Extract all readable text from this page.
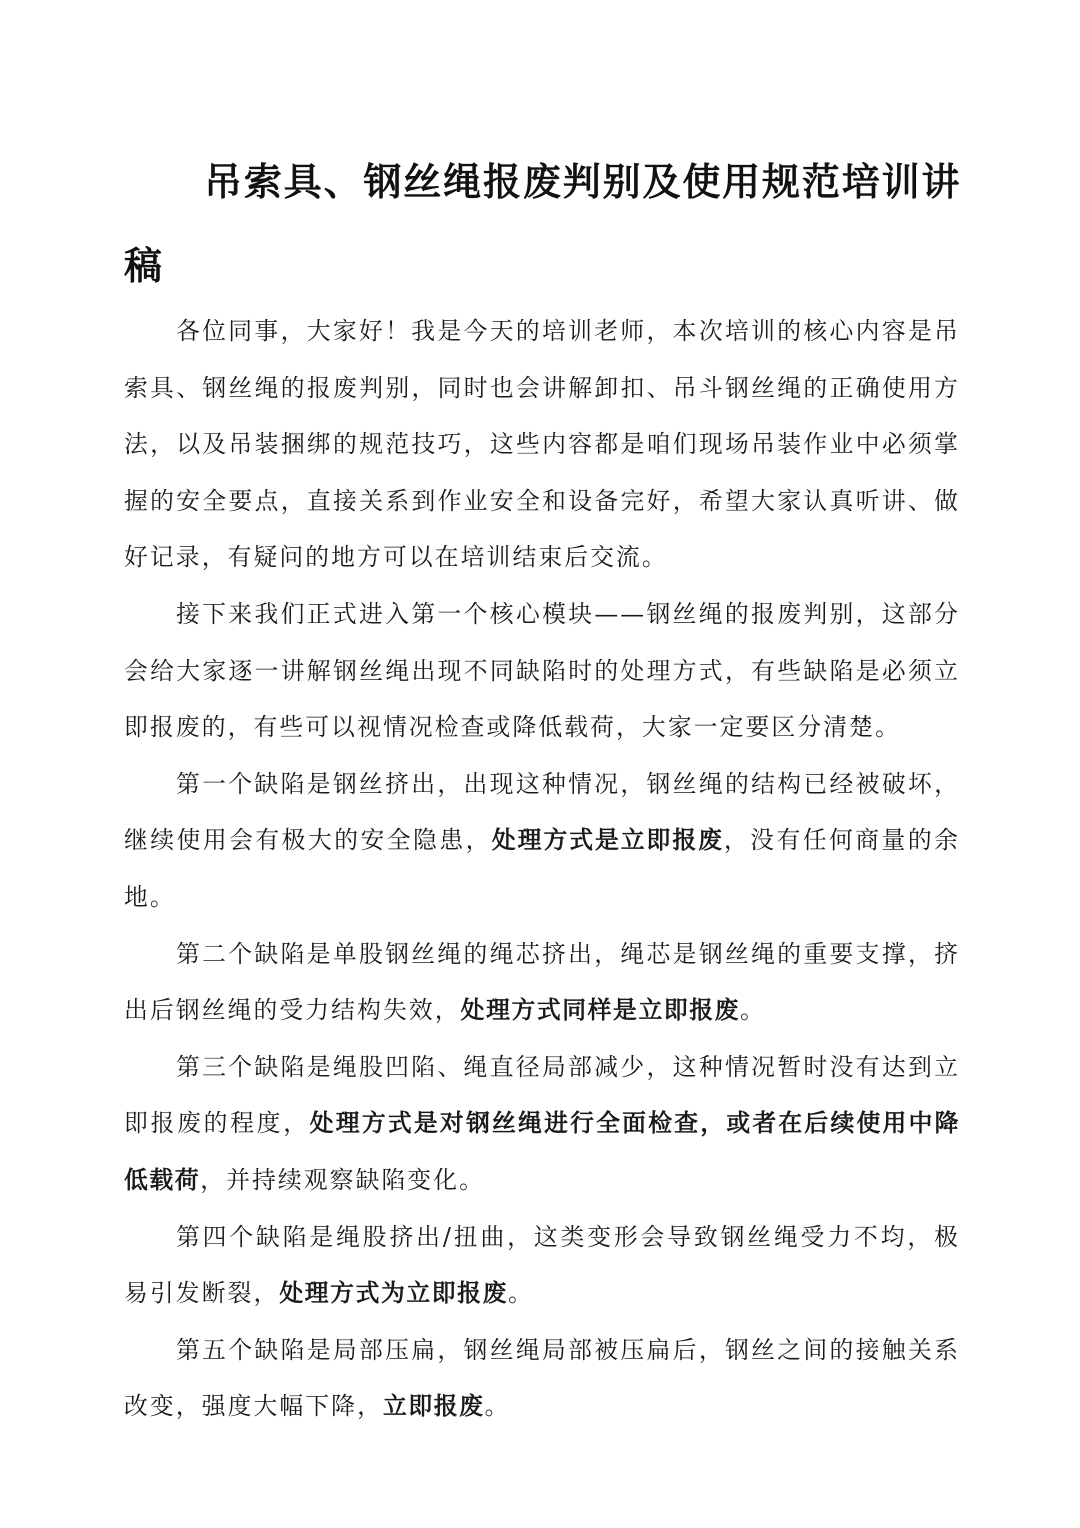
吊索具、钢丝绳报废判别及使用规范培训讲稿

各位同事，大家好！我是今天的培训老师，本次培训的核心内容是吊索具、钢丝绳的报废判别，同时也会讲解卸扣、吊斗钢丝绳的正确使用方法，以及吊装捆绑的规范技巧，这些内容都是咱们现场吊装作业中必须掌握的安全要点，直接关系到作业安全和设备完好，希望大家认真听讲、做好记录，有疑问的地方可以在培训结束后交流。

接下来我们正式进入第一个核心模块——钢丝绳的报废判别，这部分会给大家逐一讲解钢丝绳出现不同缺陷时的处理方式，有些缺陷是必须立即报废的，有些可以视情况检查或降低载荷，大家一定要区分清楚。

第一个缺陷是钢丝挤出，出现这种情况，钢丝绳的结构已经被破坏，继续使用会有极大的安全隐患，处理方式是立即报废，没有任何商量的余地。

第二个缺陷是单股钢丝绳的绳芯挤出，绳芯是钢丝绳的重要支撑，挤出后钢丝绳的受力结构失效，处理方式同样是立即报废。

第三个缺陷是绳股凹陷、绳直径局部减少，这种情况暂时没有达到立即报废的程度，处理方式是对钢丝绳进行全面检查，或者在后续使用中降低载荷，并持续观察缺陷变化。

第四个缺陷是绳股挤出/扭曲，这类变形会导致钢丝绳受力不均，极易引发断裂，处理方式为立即报废。

第五个缺陷是局部压扁，钢丝绳局部被压扁后，钢丝之间的接触关系改变，强度大幅下降，立即报废。
